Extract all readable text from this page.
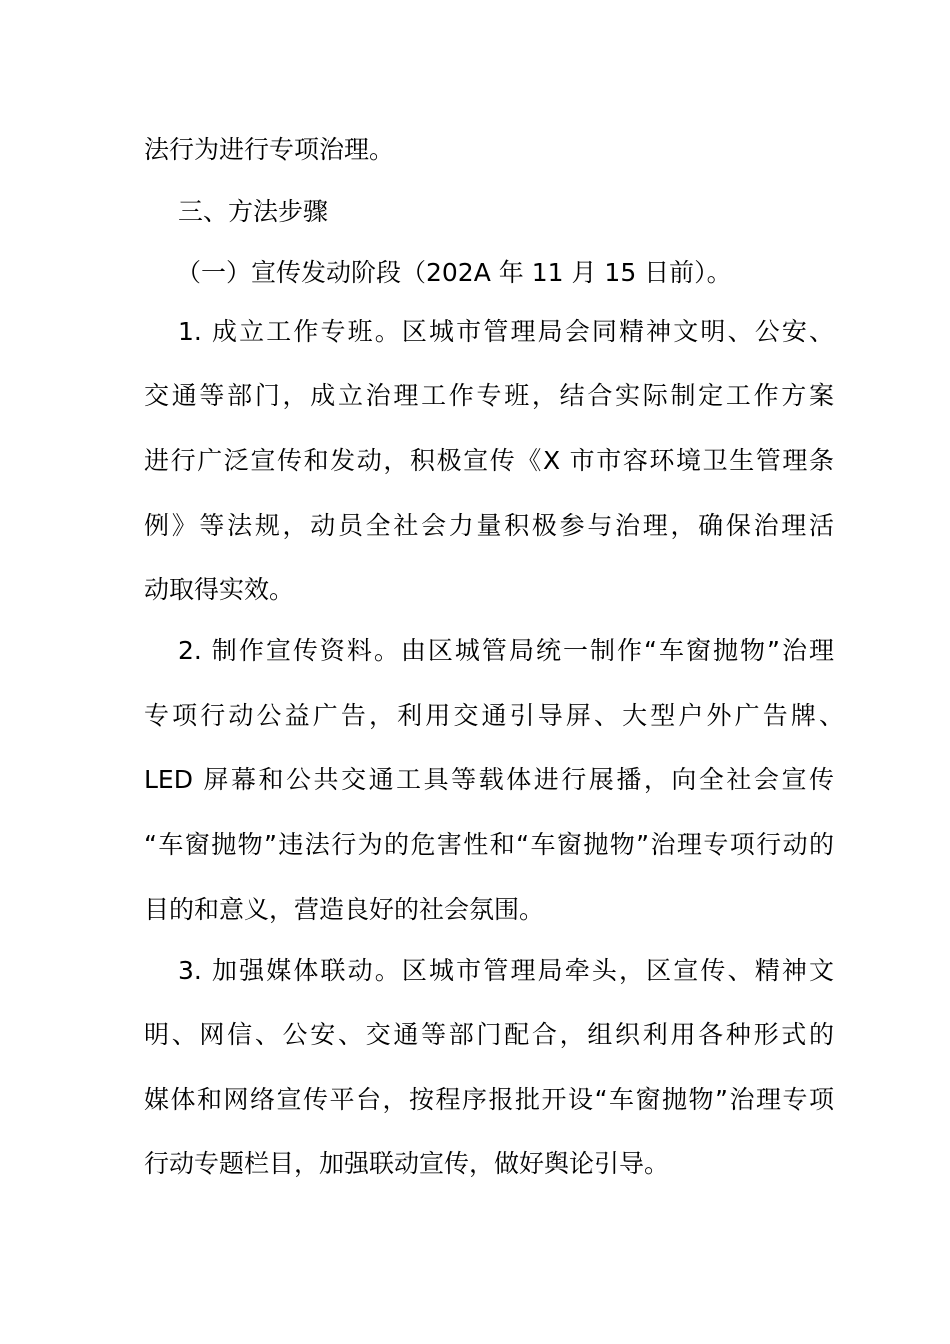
法行为进行专项治理。
三、方法步骤
（一）宣传发动阶段（202A 年 11 月 15 日前）。
1. 成立工作专班。区城市管理局会同精神文明、公安、
交通等部门，成立治理工作专班，结合实际制定工作方案
进行广泛宣传和发动，积极宣传《X 市市容环境卫生管理条
例》等法规，动员全社会力量积极参与治理，确保治理活
动取得实效。
2. 制作宣传资料。由区城管局统一制作“车窗抛物”治理
专项行动公益广告，利用交通引导屏、大型户外广告牌、
LED 屏幕和公共交通工具等载体进行展播，向全社会宣传
“车窗抛物”违法行为的危害性和“车窗抛物”治理专项行动的
目的和意义，营造良好的社会氛围。
3. 加强媒体联动。区城市管理局牵头，区宣传、精神文
明、网信、公安、交通等部门配合，组织利用各种形式的
媒体和网络宣传平台，按程序报批开设“车窗抛物”治理专项
行动专题栏目，加强联动宣传，做好舆论引导。
